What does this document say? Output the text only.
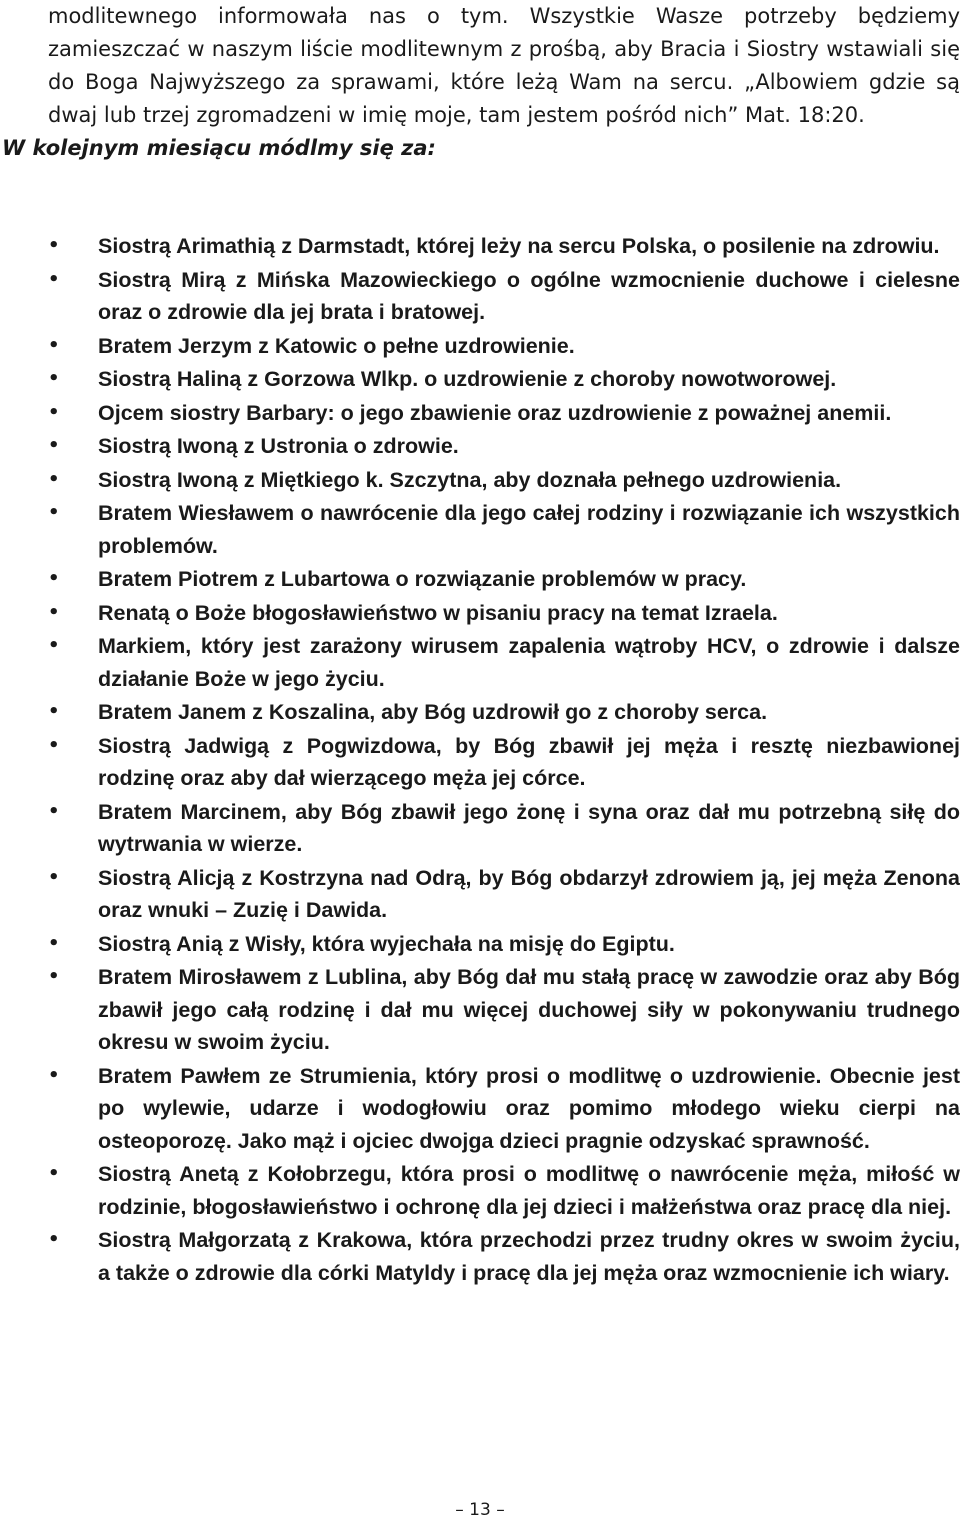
modlitewnego informowała nas o tym. Wszystkie Wasze potrzeby będziemy zamieszczać w naszym liście modlitewnym z prośbą, aby Bracia i Siostry wstawiali się do Boga Najwyższego za sprawami, które leżą Wam na sercu. „Albowiem gdzie są dwaj lub trzej zgromadzeni w imię moje, tam jestem pośród nich” Mat. 18:20.

W kolejnym miesiącu módlmy się za:

• Siostrą Arimathią z Darmstadt, której leży na sercu Polska, o posilenie na zdrowiu.
• Siostrą Mirą z Mińska Mazowieckiego o ogólne wzmocnienie duchowe i cielesne oraz o zdrowie dla jej brata i bratowej.
• Bratem Jerzym z Katowic o pełne uzdrowienie.
• Siostrą Haliną z Gorzowa Wlkp. o uzdrowienie z choroby nowotworowej.
• Ojcem siostry Barbary: o jego zbawienie oraz uzdrowienie z poważnej anemii.
• Siostrą Iwoną z Ustronia o zdrowie.
• Siostrą Iwoną z Miętkiego k. Szczytna, aby doznała pełnego uzdrowienia.
• Bratem Wiesławem o nawrócenie dla jego całej rodziny i rozwiązanie ich wszystkich problemów.
• Bratem Piotrem z Lubartowa o rozwiązanie problemów w pracy.
• Renatą o Boże błogosławieństwo w pisaniu pracy na temat Izraela.
• Markiem, który jest zarażony wirusem zapalenia wątroby HCV, o zdrowie i dalsze działanie Boże w jego życiu.
• Bratem Janem z Koszalina, aby Bóg uzdrowił go z choroby serca.
• Siostrą Jadwigą z Pogwizdowa, by Bóg zbawił jej męża i resztę niezbawionej rodzinę oraz aby dał wierzącego męża jej córce.
• Bratem Marcinem, aby Bóg zbawił jego żonę i syna oraz dał mu potrzebną siłę do wytrwania w wierze.
• Siostrą Alicją z Kostrzyna nad Odrą, by Bóg obdarzył zdrowiem ją, jej męża Zenona oraz wnuki – Zuzię i Dawida.
• Siostrą Anią z Wisły, która wyjechała na misję do Egiptu.
• Bratem Mirosławem z Lublina, aby Bóg dał mu stałą pracę w zawodzie oraz aby Bóg zbawił jego całą rodzinę i dał mu więcej duchowej siły w pokonywaniu trudnego okresu w swoim życiu.
• Bratem Pawłem ze Strumienia, który prosi o modlitwę o uzdrowienie. Obecnie jest po wylewie, udarze i wodogłowiu oraz pomimo młodego wieku cierpi na osteoporozę. Jako mąż i ojciec dwojga dzieci pragnie odzyskać sprawność.
• Siostrą Anetą z Kołobrzegu, która prosi o modlitwę o nawrócenie męża, miłość w rodzinie, błogosławieństwo i ochronę dla jej dzieci i małżeństwa oraz pracę dla niej.
• Siostrą Małgorzatą z Krakowa, która przechodzi przez trudny okres w swoim życiu, a także o zdrowie dla córki Matyldy i pracę dla jej męża oraz wzmocnienie ich wiary.
– 13 –
